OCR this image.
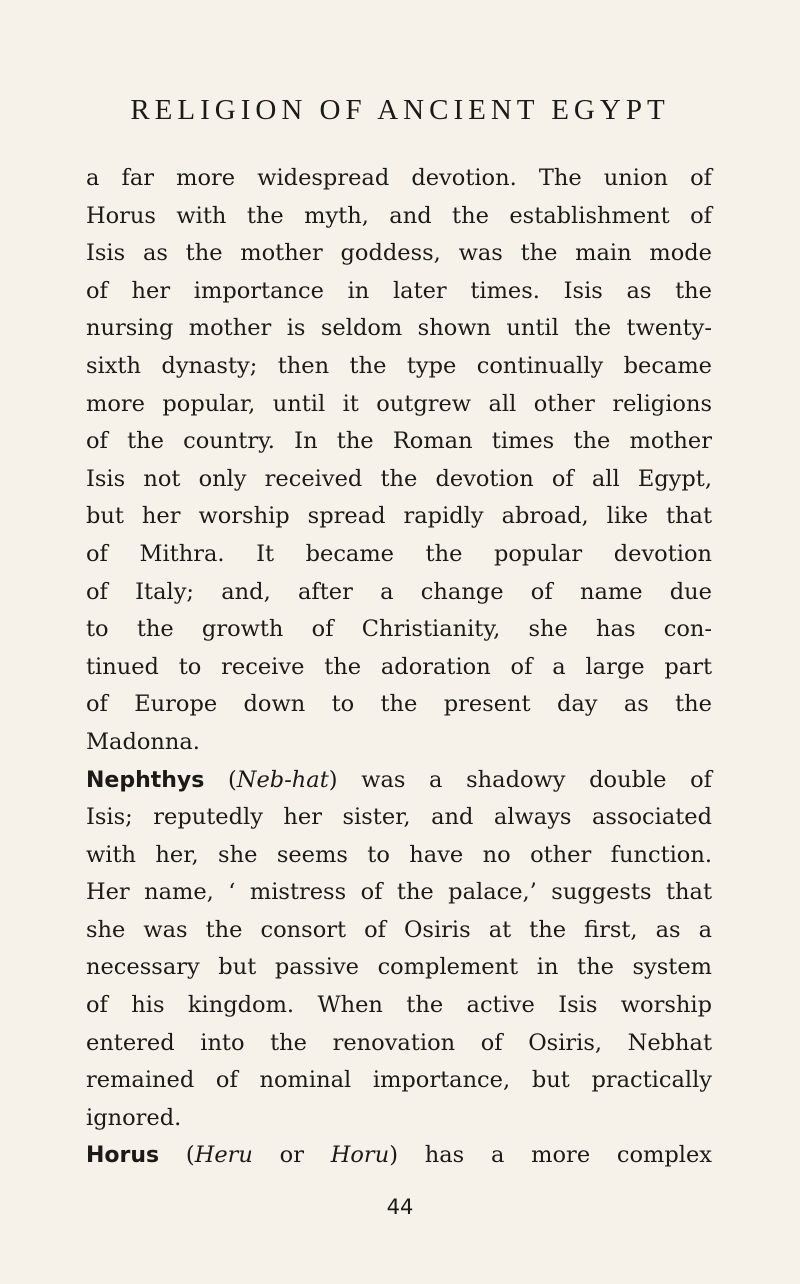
RELIGION OF ANCIENT EGYPT
a far more widespread devotion. The union of
Horus with the myth, and the establishment of
Isis as the mother goddess, was the main mode
of her importance in later times. Isis as the
nursing mother is seldom shown until the twenty-
sixth dynasty; then the type continually became
more popular, until it outgrew all other religions
of the country. In the Roman times the mother
Isis not only received the devotion of all Egypt,
but her worship spread rapidly abroad, like that
of Mithra. It became the popular devotion
of Italy; and, after a change of name due
to the growth of Christianity, she has con-
tinued to receive the adoration of a large part
of Europe down to the present day as the
Madonna.
Nephthys (Neb-hat) was a shadowy double of
Isis; reputedly her sister, and always associated
with her, she seems to have no other function.
Her name, ‘ mistress of the palace,’ suggests that
she was the consort of Osiris at the first, as a
necessary but passive complement in the system
of his kingdom. When the active Isis worship
entered into the renovation of Osiris, Nebhat
remained of nominal importance, but practically
ignored.
Horus (Heru or Horu) has a more complex
44
